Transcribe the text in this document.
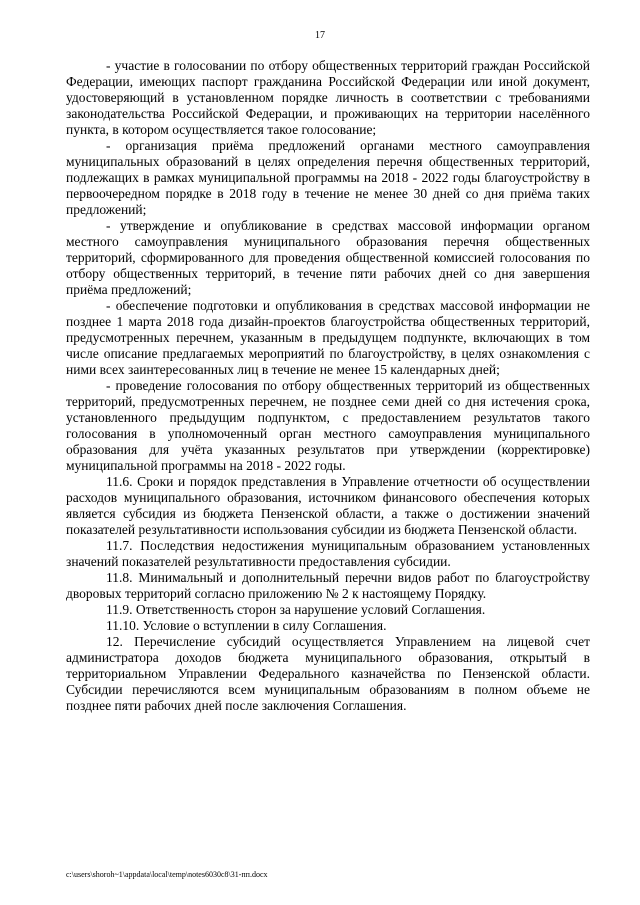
17

- участие в голосовании по отбору общественных территорий граждан Российской Федерации, имеющих паспорт гражданина Российской Федерации или иной документ, удостоверяющий в установленном порядке личность в соответствии с требованиями законодательства Российской Федерации, и проживающих на территории населённого пункта, в котором осуществляется такое голосование;

- организация приёма предложений органами местного самоуправления муниципальных образований в целях определения перечня общественных территорий, подлежащих в рамках муниципальной программы на 2018 - 2022 годы благоустройству в первоочередном порядке в 2018 году в течение не менее 30 дней со дня приёма таких предложений;

- утверждение и опубликование в средствах массовой информации органом местного самоуправления муниципального образования перечня общественных территорий, сформированного для проведения общественной комиссией голосования по отбору общественных территорий, в течение пяти рабочих дней со дня завершения приёма предложений;

- обеспечение подготовки и опубликования в средствах массовой информации не позднее 1 марта 2018 года дизайн-проектов благоустройства общественных территорий, предусмотренных перечнем, указанным в предыдущем подпункте, включающих в том числе описание предлагаемых мероприятий по благоустройству, в целях ознакомления с ними всех заинтересованных лиц в течение не менее 15 календарных дней;

- проведение голосования по отбору общественных территорий из общественных территорий, предусмотренных перечнем, не позднее семи дней со дня истечения срока, установленного предыдущим подпунктом, с предоставлением результатов такого голосования в уполномоченный орган местного самоуправления муниципального образования для учёта указанных результатов при утверждении (корректировке) муниципальной программы на 2018 - 2022 годы.

11.6. Сроки и порядок представления в Управление отчетности об осуществлении расходов муниципального образования, источником финансового обеспечения которых является субсидия из бюджета Пензенской области, а также о достижении значений показателей результативности использования субсидии из бюджета Пензенской области.

11.7. Последствия недостижения муниципальным образованием установленных значений показателей результативности предоставления субсидии.

11.8. Минимальный и дополнительный перечни видов работ по благоустройству дворовых территорий согласно приложению № 2 к настоящему Порядку.

11.9. Ответственность сторон за нарушение условий Соглашения.

11.10. Условие о вступлении в силу Соглашения.

12. Перечисление субсидий осуществляется Управлением на лицевой счет администратора доходов бюджета муниципального образования, открытый в территориальном Управлении Федерального казначейства по Пензенской области. Субсидии перечисляются всем муниципальным образованиям в полном объеме не позднее пяти рабочих дней после заключения Соглашения.

c:\users\shoroh~1\appdata\local\temp\notes6030c8\31-пп.docx
